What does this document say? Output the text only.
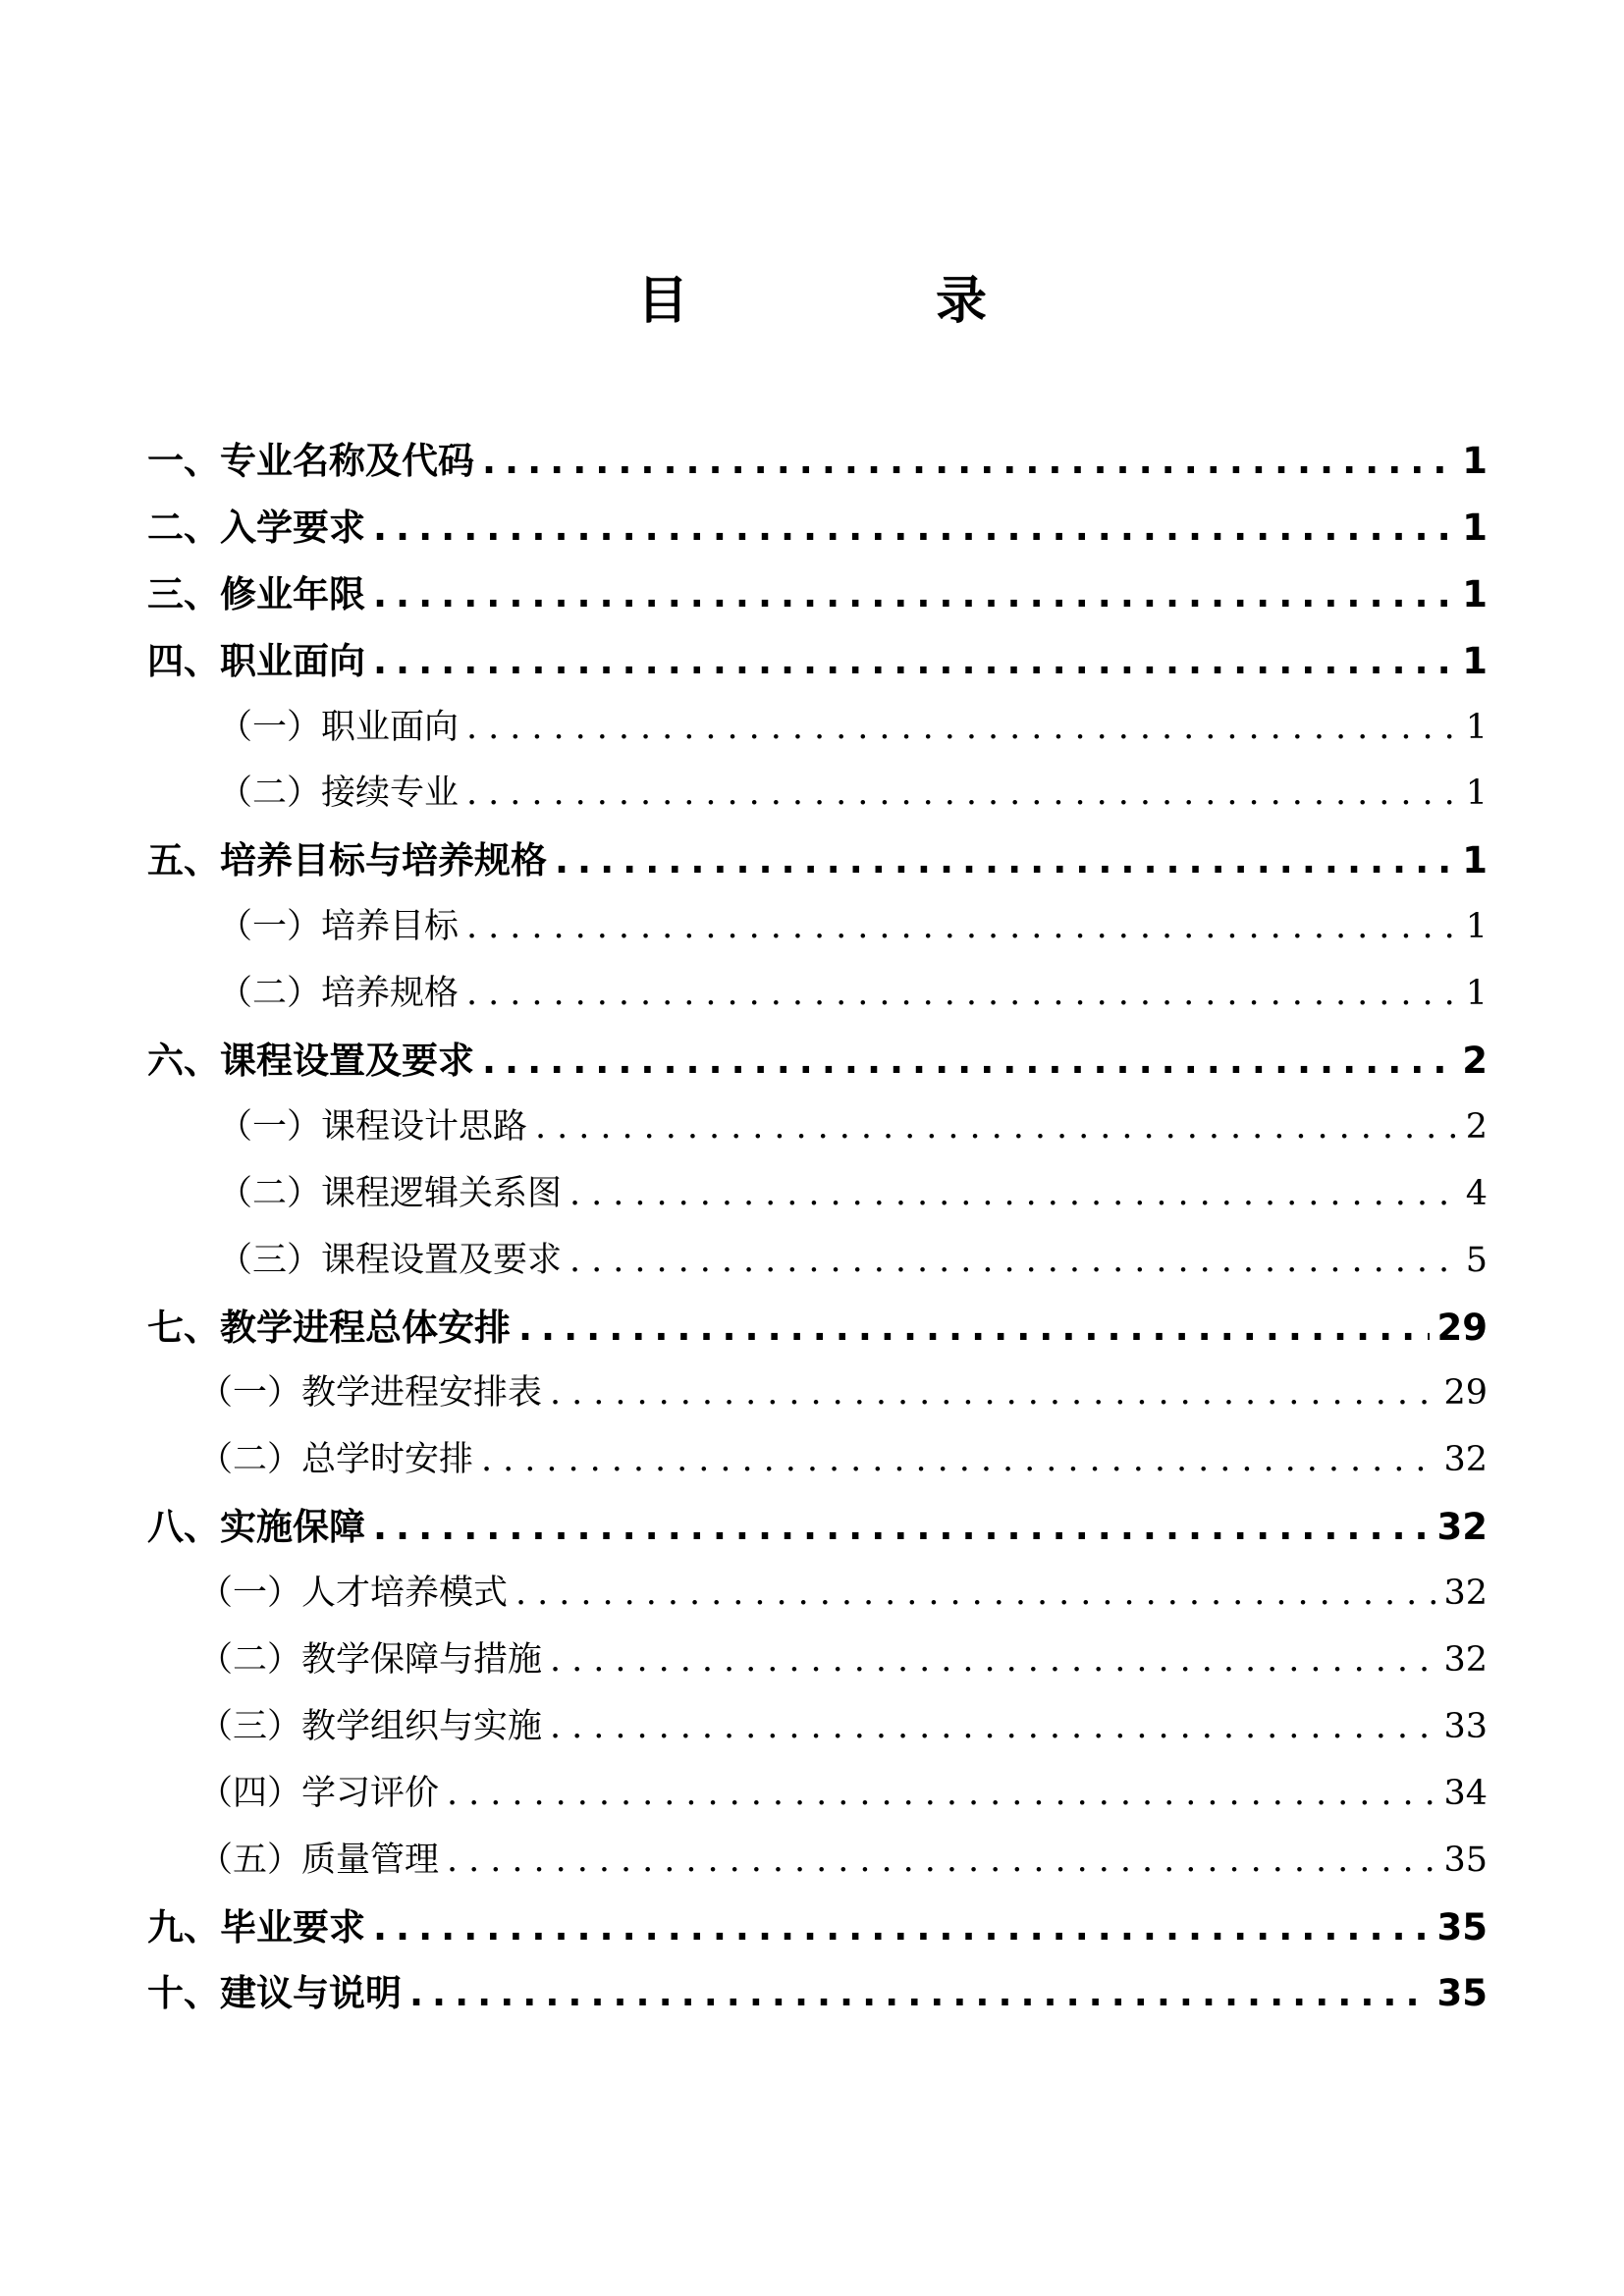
目　录
一、专业名称及代码 .....	1
二、入学要求 .....	1
三、修业年限 .....	1
四、职业面向 .....	1
（一）职业面向 .....	1
（二）接续专业 .....	1
五、培养目标与培养规格 .....	1
（一）培养目标 .....	1
（二）培养规格 .....	1
六、课程设置及要求 .....	2
（一）课程设计思路 .....	2
（二）课程逻辑关系图 .....	4
（三）课程设置及要求 .....	5
七、教学进程总体安排 .....	29
（一）教学进程安排表 .....	29
（二）总学时安排 .....	32
八、实施保障 .....	32
（一）人才培养模式 .....	32
（二）教学保障与措施 .....	32
（三）教学组织与实施 .....	33
（四）学习评价 .....	34
（五）质量管理 .....	35
九、毕业要求 .....	35
十、建议与说明 .....	35
